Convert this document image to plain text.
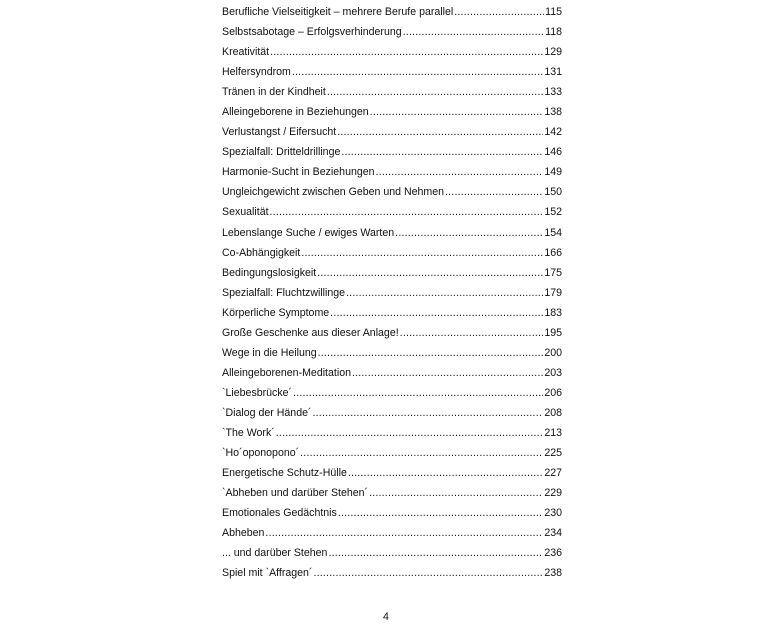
Berufliche Vielseitigkeit – mehrere Berufe parallel .....	115
Selbstsabotage – Erfolgsverhinderung .....	118
Kreativität .....	129
Helfersyndrom .....	131
Tränen in der Kindheit .....	133
Alleingeborene in Beziehungen .....	138
Verlustangst / Eifersucht .....	142
Spezialfall: Dritteldrillinge .....	146
Harmonie-Sucht in Beziehungen .....	149
Ungleichgewicht zwischen Geben und Nehmen .....	150
Sexualität .....	152
Lebenslange Suche / ewiges Warten .....	154
Co-Abhängigkeit .....	166
Bedingungslosigkeit .....	175
Spezialfall: Fluchtzwillinge .....	179
Körperliche Symptome .....	183
Große Geschenke aus dieser Anlage! .....	195
Wege in die Heilung .....	200
Alleingeborenen-Meditation .....	203
`Liebesbrücke´ .....	206
`Dialog der Hände´ .....	208
`The Work´ .....	213
`Ho´oponopono´ .....	225
Energetische Schutz-Hülle .....	227
`Abheben und darüber Stehen´ .....	229
Emotionales Gedächtnis .....	230
Abheben .....	234
... und darüber Stehen .....	236
Spiel mit `Affragen´ .....	238
4
